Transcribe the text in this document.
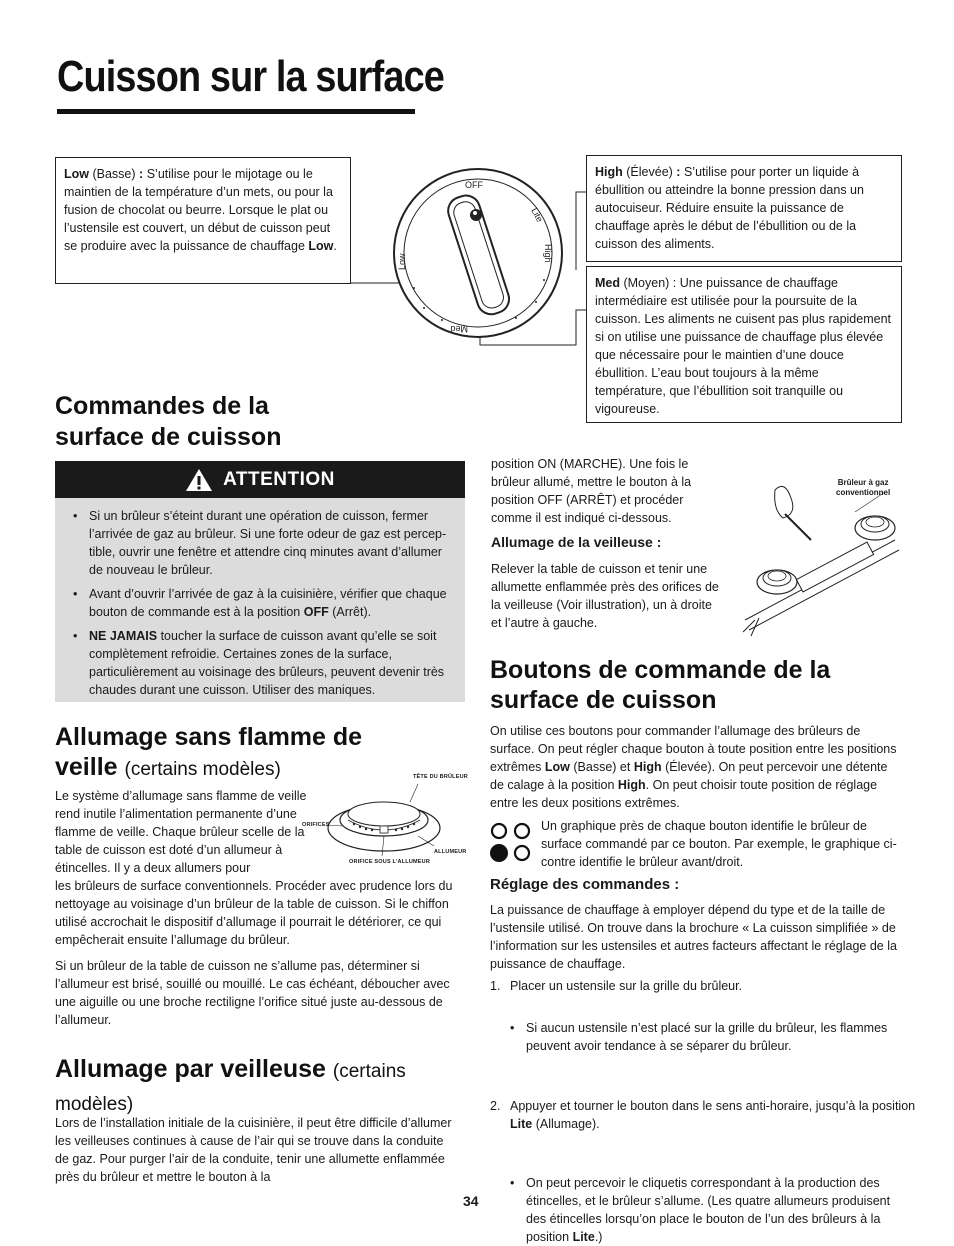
Cuisson sur la surface
Low (Basse) : S’utilise pour le mijotage ou le maintien de la température d’un mets, ou pour la fusion de chocolat ou beurre. Lorsque le plat ou l’ustensile est couvert, un début de cuisson peut se produire avec la puissance de chauffage Low.
High (Élevée) : S’utilise pour porter un liquide à ébullition ou atteindre la bonne pression dans un autocuiseur. Réduire ensuite la puissance de chauffage après le début de l’ébullition ou de la cuisson des aliments.
Med (Moyen) : Une puissance de chauffage intermédiaire est utilisée pour la poursuite de la cuisson. Les aliments ne cuisent pas plus rapidement si on utilise une puissance de chauffage plus élevée que nécessaire pour le maintien d’une douce ébullition. L’eau bout toujours à la même température, que l’ébullition soit tranquille ou vigoureuse.
OFF
Lite
High
Med
Low
Commandes de la
surface de cuisson
ATTENTION
• Si un brûleur s’éteint durant une opération de cuisson, fermer l’arrivée de gaz au brûleur. Si une forte odeur de gaz est perceptible, ouvrir une fenêtre et attendre cinq minutes avant d’allumer de nouveau le brûleur.
• Avant d’ouvrir l’arrivée de gaz à la cuisinière, vérifier que chaque bouton de commande est à la position OFF (Arrêt).
• NE JAMAIS toucher la surface de cuisson avant qu’elle se soit complètement refroidie. Certaines zones de la surface, particulièrement au voisinage des brûleurs, peuvent devenir très chaudes durant une cuisson. Utiliser des maniques.
Allumage sans flamme de
veille (certains modèles)
Le système d’allumage sans flamme de veille rend inutile l’alimentation permanente d’une flamme de veille. Chaque brûleur scelle de la table de cuisson est doté d’un allumeur à étincelles. Il y a deux allumers pour
TÊTE DU BRÛLEUR
ORIFICES
ALLUMEUR
ORIFICE SOUS L’ALLUMEUR
les brûleurs de surface conventionnels. Procéder avec prudence lors du nettoyage au voisinage d’un brûleur de la table de cuisson. Si le chiffon utilisé accrochait le dispositif d’allumage il pourrait le détériorer, ce qui empêcherait ensuite l’allumage du brûleur.
Si un brûleur de la table de cuisson ne s’allume pas, déterminer si l’allumeur est brisé, souillé ou mouillé. Le cas échéant, déboucher avec une aiguille ou une broche rectiligne l’orifice situé juste au-dessous de l’allumeur.
Allumage par veilleuse (certains
modèles)
Lors de l’installation initiale de la cuisinière, il peut être difficile d’allumer les veilleuses continues à cause de l’air qui se trouve dans la conduite de gaz. Pour purger l’air de la conduite, tenir une allumette enflammée près du brûleur et mettre le bouton à la
position ON (MARCHE). Une fois le brûleur allumé, mettre le bouton à la position OFF (ARRÊT) et procéder comme il est indiqué ci-dessous.
Allumage de la veilleuse :
Relever la table de cuisson et tenir une allumette enflammée près des orifices de la veilleuse (Voir illustration), un à droite et l’autre à gauche.
Brûleur à gaz
conventionnel
Boutons de commande de la
surface de cuisson
On utilise ces boutons pour commander l’allumage des brûleurs de surface. On peut régler chaque bouton à toute position entre les positions extrêmes Low (Basse) et High (Élevée). On peut percevoir une détente de calage à la position High. On peut choisir toute position de réglage entre les deux positions extrêmes.
Un graphique près de chaque bouton identifie le brûleur de surface commandé par ce bouton. Par exemple, le graphique ci-contre identifie le brûleur avant/droit.
Réglage des commandes :
La puissance de chauffage à employer dépend du type et de la taille de l’ustensile utilisé. On trouve dans la brochure « La cuisson simplifiée » de l’information sur les ustensiles et autres facteurs affectant le réglage de la puissance de chauffage.
1. Placer un ustensile sur la grille du brûleur.
• Si aucun ustensile n’est placé sur la grille du brûleur, les flammes peuvent avoir tendance à se séparer du brûleur.
2. Appuyer et tourner le bouton dans le sens anti-horaire, jusqu’à la position Lite (Allumage).
• On peut percevoir le cliquetis correspondant à la production des étincelles, et le brûleur s’allume. (Les quatre allumeurs produisent des étincelles lorsqu’on place le bouton de l’un des brûleurs à la position Lite.)
34
